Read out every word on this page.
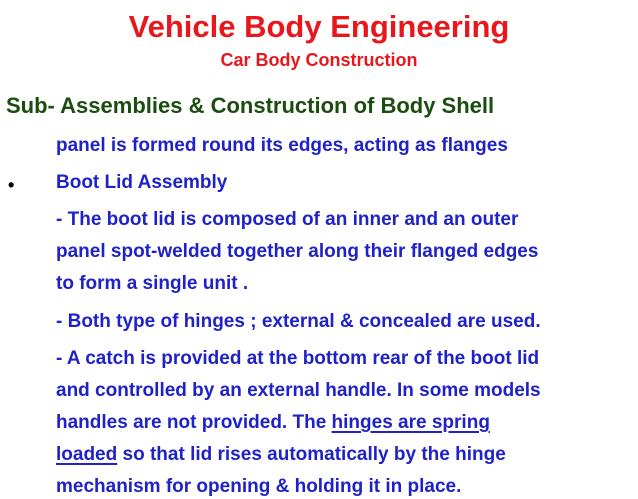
Vehicle Body Engineering
Car Body Construction
Sub- Assemblies & Construction of Body Shell
panel is formed round its edges, acting as flanges
• Boot Lid Assembly
- The boot lid is composed of an inner and an outer
panel spot-welded together along their flanged edges
to form a single unit .
- Both type of hinges ; external & concealed are used.
- A catch is provided at the bottom rear of the boot lid
and controlled by an external handle. In some models
handles are not provided. The hinges are spring
loaded so that lid rises automatically by the hinge
mechanism for opening & holding it in place.
